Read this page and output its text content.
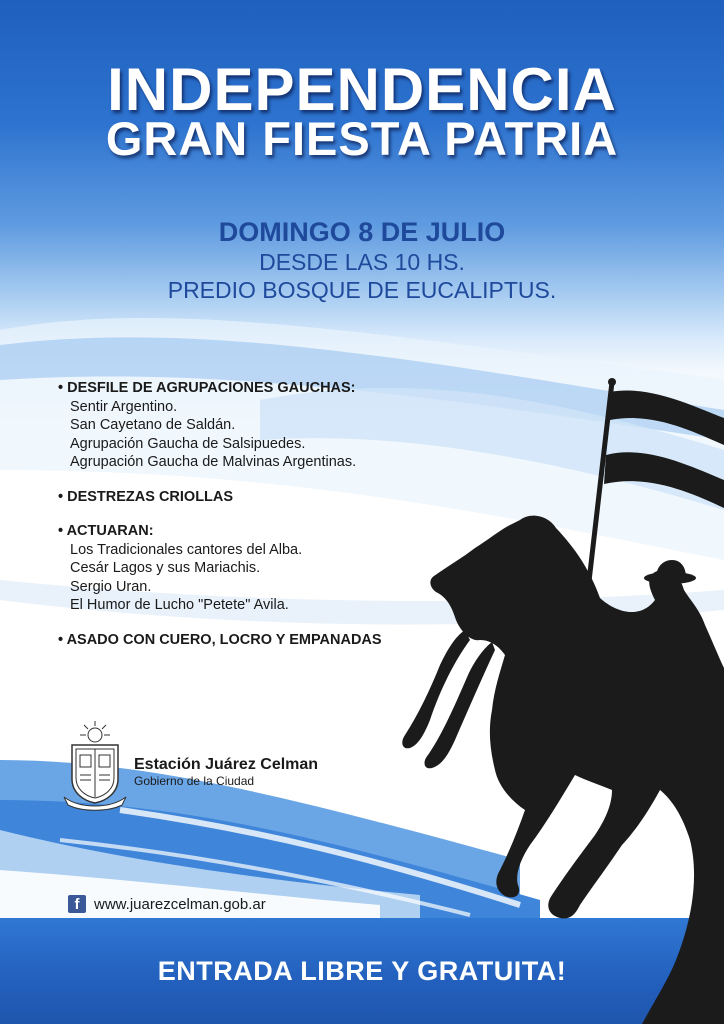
INDEPENDENCIA
GRAN FIESTA PATRIA
DOMINGO 8 DE JULIO
DESDE LAS 10 HS.
PREDIO BOSQUE DE EUCALIPTUS.
• DESFILE DE AGRUPACIONES GAUCHAS:
Sentir Argentino.
San Cayetano de Saldán.
Agrupación Gaucha de Salsipuedes.
Agrupación Gaucha de Malvinas Argentinas.
• DESTREZAS CRIOLLAS
• ACTUARAN:
Los Tradicionales cantores del Alba.
Cesár Lagos y sus Mariachis.
Sergio Uran.
El Humor de Lucho "Petete" Avila.
• ASADO CON CUERO, LOCRO Y EMPANADAS
Estación Juárez Celman
Gobierno de la Ciudad
f www.juarezcelman.gob.ar
ENTRADA LIBRE Y GRATUITA!
